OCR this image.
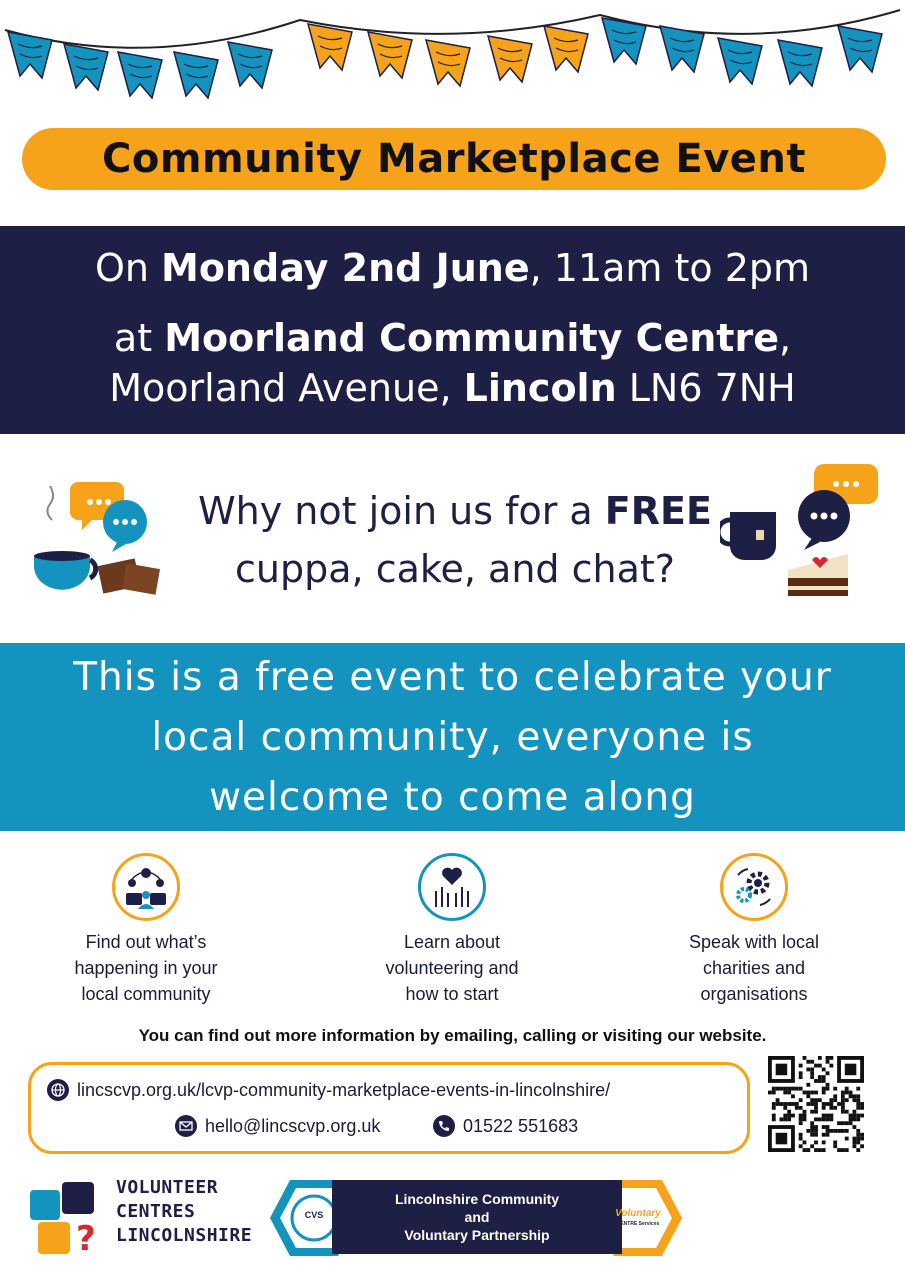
Community Marketplace Event
On Monday 2nd June, 11am to 2pm
at Moorland Community Centre,
Moorland Avenue, Lincoln LN6 7NH
Why not join us for a FREE
cuppa, cake, and chat?
This is a free event to celebrate your
local community, everyone is
welcome to come along
Find out what’s
happening in your
local community
Learn about
volunteering and
how to start
Speak with local
charities and
organisations
You can find out more information by emailing, calling or visiting our website.
lincscvp.org.uk/lcvp-community-marketplace-events-in-lincolnshire/
hello@lincscvp.org.uk	01522 551683
?
VOLUNTEER
CENTRES
LINCOLNSHIRE
CVS
Lincolnshire Community
and
Voluntary Partnership
Voluntary
CENTRE Services
